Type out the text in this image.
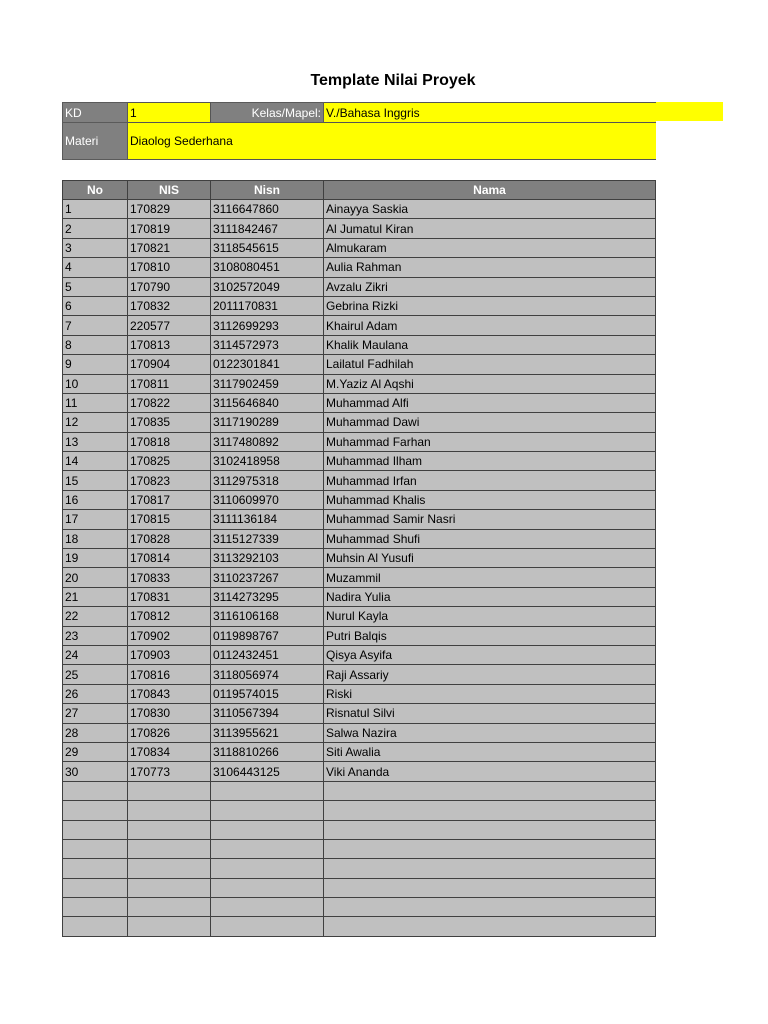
Template Nilai Proyek
KD	1	Kelas/Mapel:	V./Bahasa Inggris
Materi	Diaolog Sederhana		
No	NIS	Nisn	Nama
1	170829	3116647860	Ainayya Saskia
2	170819	3111842467	Al Jumatul Kiran
3	170821	3118545615	Almukaram
4	170810	3108080451	Aulia Rahman
5	170790	3102572049	Avzalu Zikri
6	170832	2011170831	Gebrina Rizki
7	220577	3112699293	Khairul Adam
8	170813	3114572973	Khalik Maulana
9	170904	0122301841	Lailatul Fadhilah
10	170811	3117902459	M.Yaziz Al Aqshi
11	170822	3115646840	Muhammad Alfi
12	170835	3117190289	Muhammad Dawi
13	170818	3117480892	Muhammad Farhan
14	170825	3102418958	Muhammad Ilham
15	170823	3112975318	Muhammad Irfan
16	170817	3110609970	Muhammad Khalis
17	170815	3111136184	Muhammad Samir Nasri
18	170828	3115127339	Muhammad Shufi
19	170814	3113292103	Muhsin Al Yusufi
20	170833	3110237267	Muzammil
21	170831	3114273295	Nadira Yulia
22	170812	3116106168	Nurul Kayla
23	170902	0119898767	Putri Balqis
24	170903	0112432451	Qisya Asyifa
25	170816	3118056974	Raji Assariy
26	170843	0119574015	Riski
27	170830	3110567394	Risnatul Silvi
28	170826	3113955621	Salwa Nazira
29	170834	3118810266	Siti Awalia
30	170773	3106443125	Viki Ananda
